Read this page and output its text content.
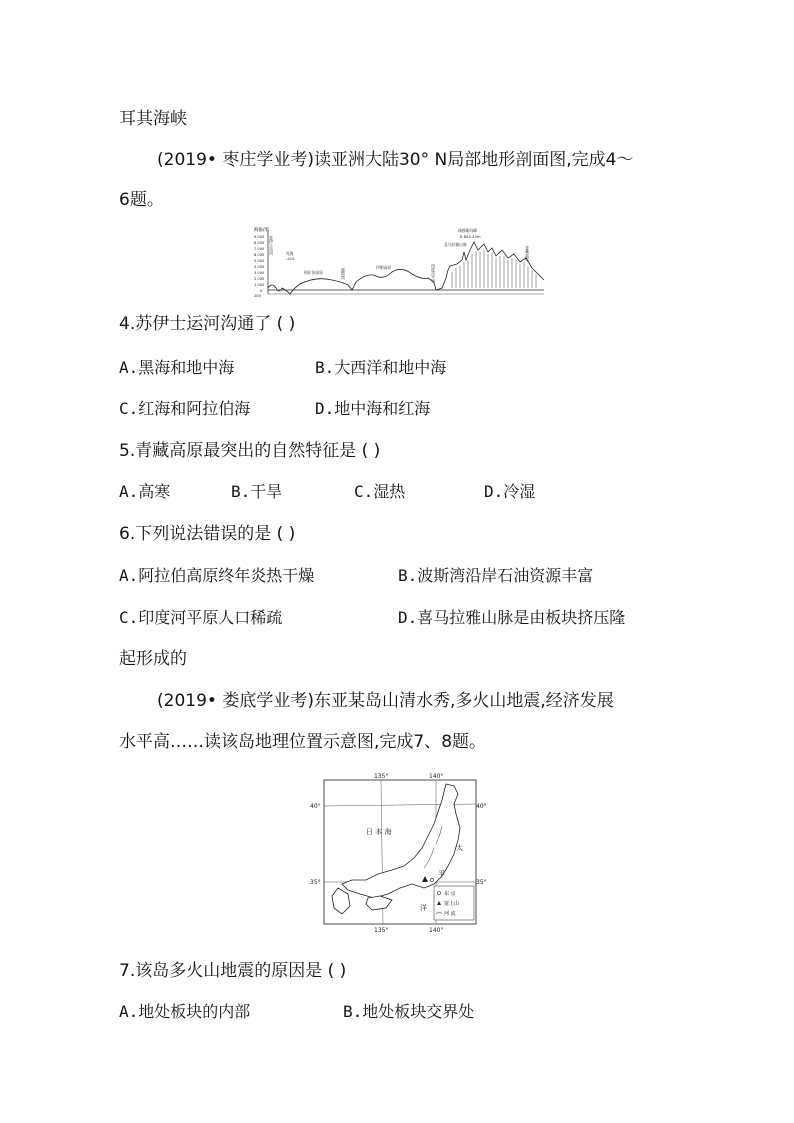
耳其海峡
(2019• 枣庄学业考)读亚洲大陆30° N局部地形剖面图,完成4～
6题。
海拔/米
9 000
8 000
7 000
6 000
5 000
4 000
3 000
2 000
1 000
0
200
苏伊士运河	死海
-415
阿拉伯高原	波斯湾
伊朗高原	印度河平原
喜马拉雅山脉
珠穆朗玛峰
8 844.43m
青藏高原
4.苏伊士运河沟通了 ( )
A.黑海和地中海	B.大西洋和地中海
C.红海和阿拉伯海	D.地中海和红海
5.青藏高原最突出的自然特征是 ( )
A.高寒	B.干旱	C.湿热	D.冷湿
6.下列说法错误的是 ( )
A.阿拉伯高原终年炎热干燥	B.波斯湾沿岸石油资源丰富
C.印度河平原人口稀疏	D.喜马拉雅山脉是由板块挤压隆
起形成的
(2019• 娄底学业考)东亚某岛山清水秀,多火山地震,经济发展
水平高……读该岛地理位置示意图,完成7、8题。
135°	140°
135°	140°
40°
35°
40°
35°
日 本 海
太
平
洋
东 京
富士山
河 流
7.该岛多火山地震的原因是 ( )
A.地处板块的内部	B.地处板块交界处
